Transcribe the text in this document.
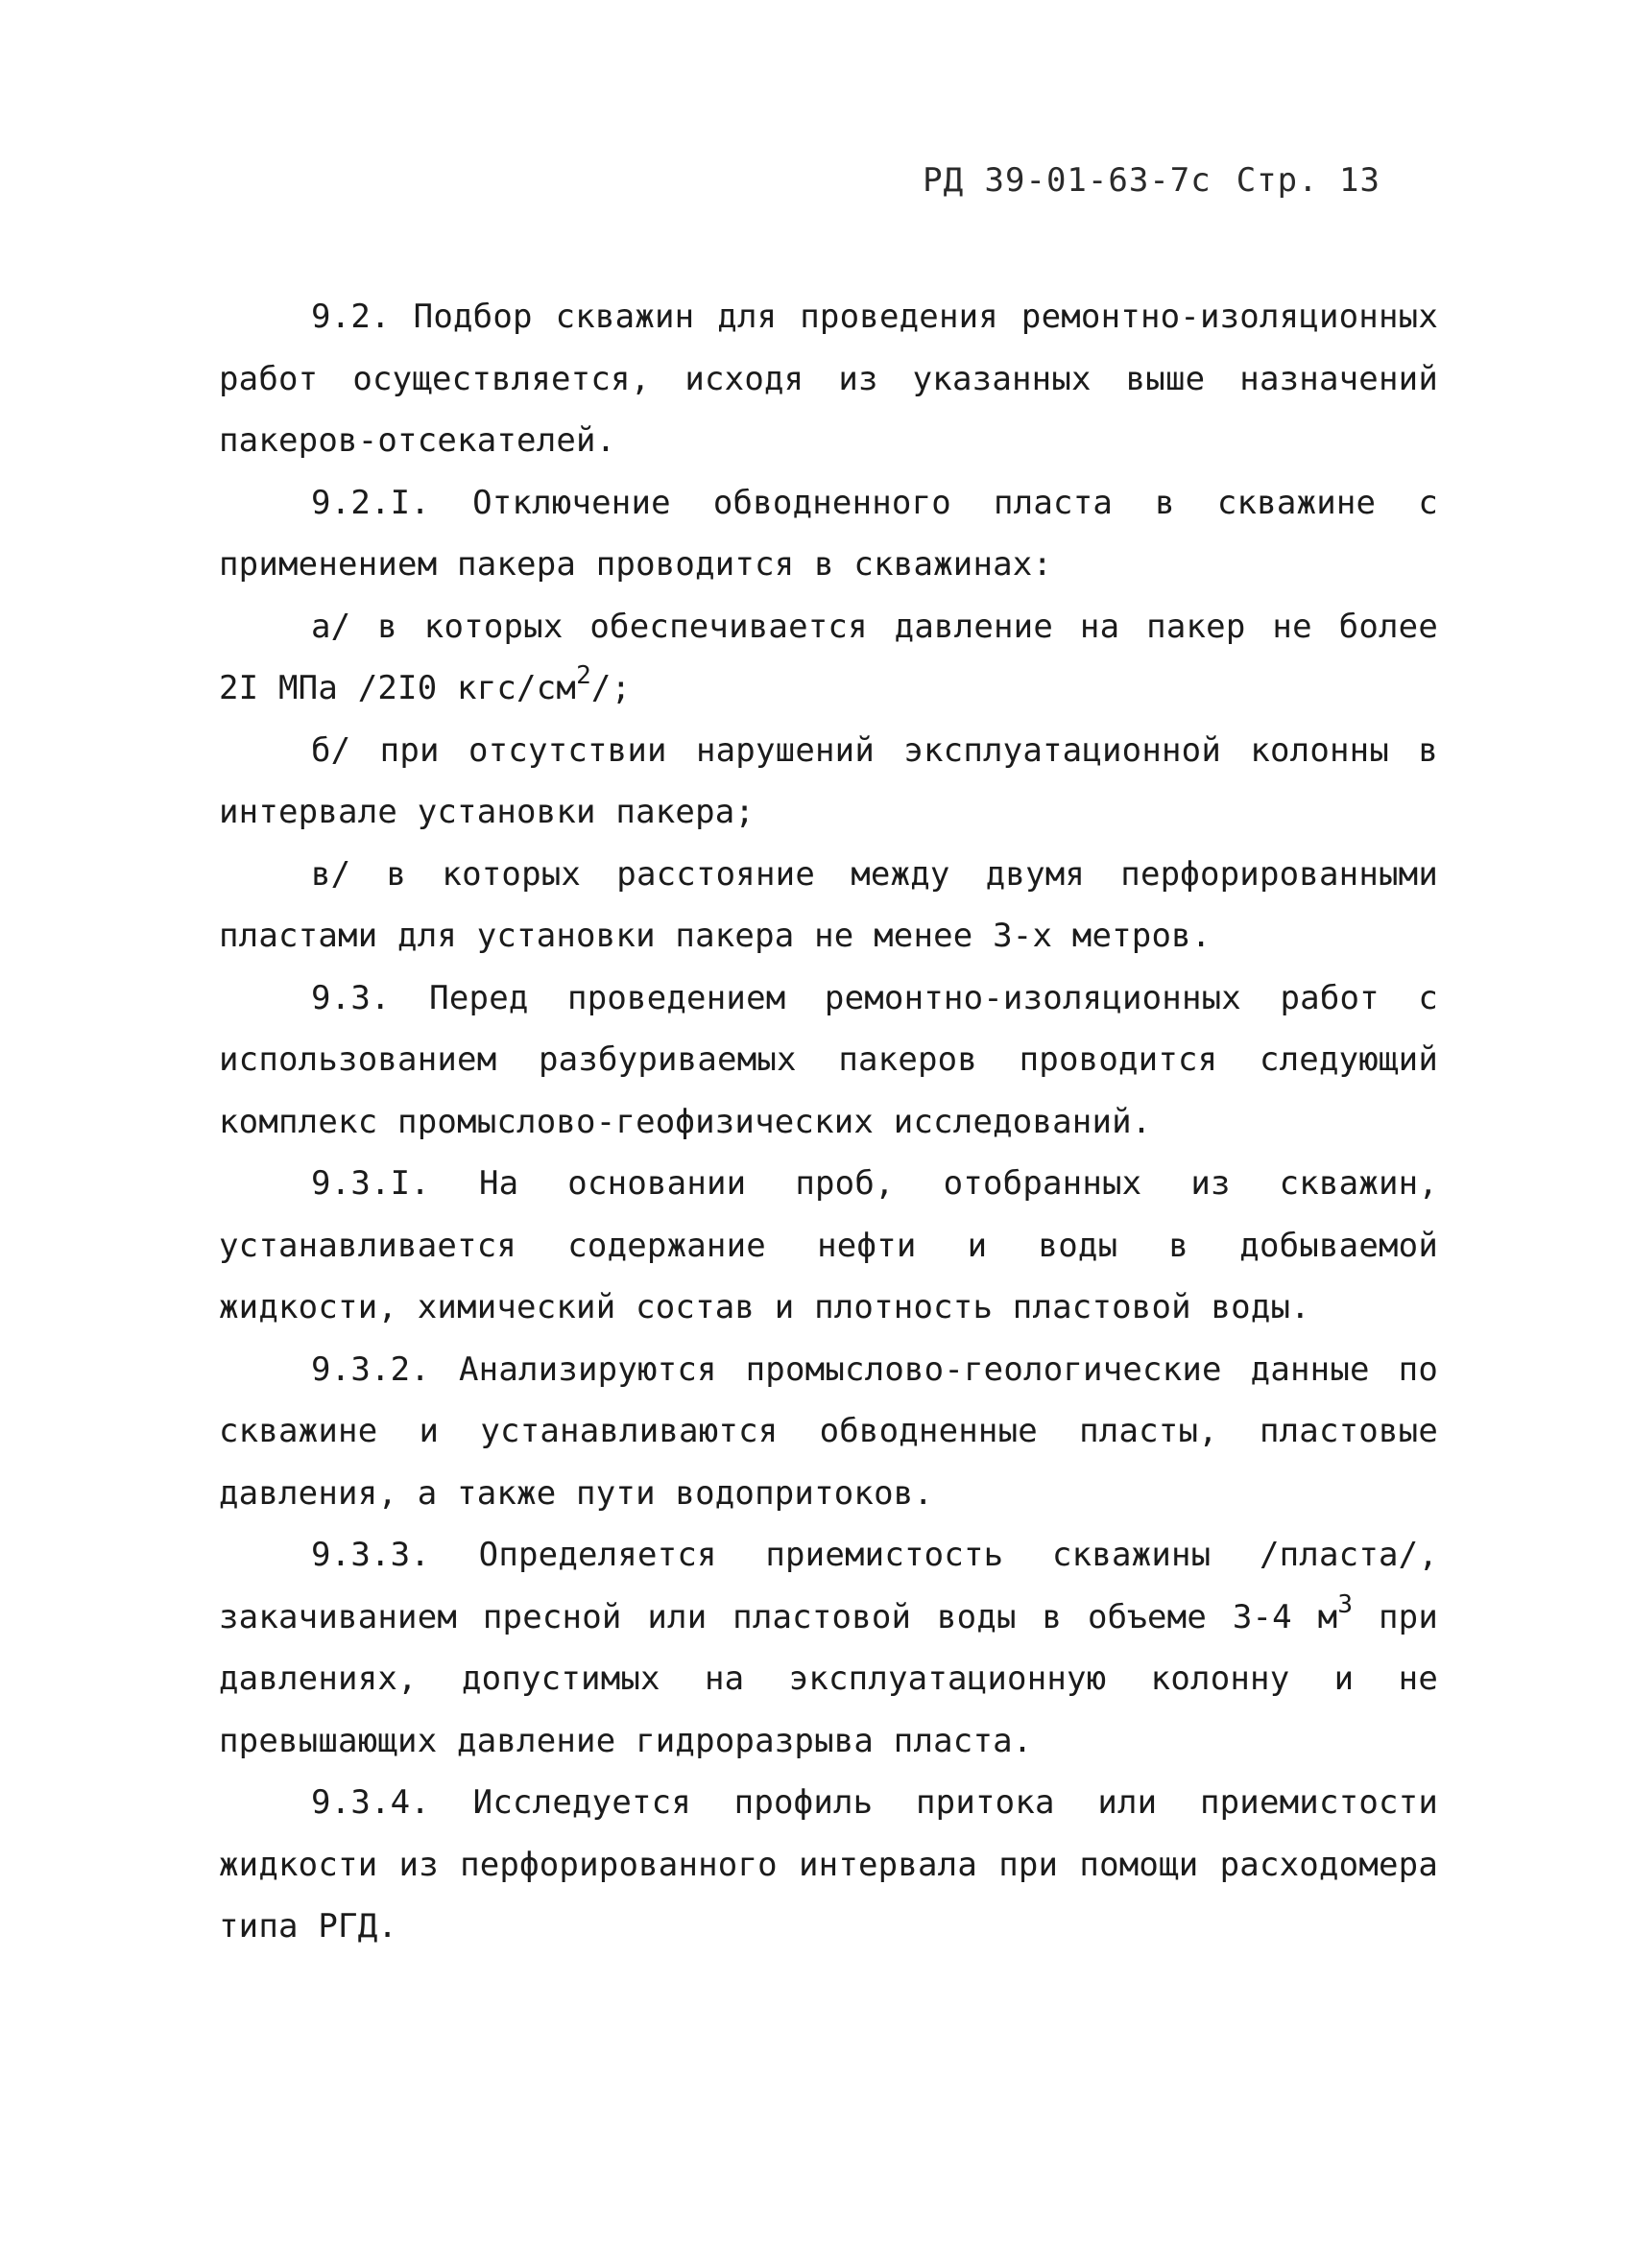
РД 39-01-63-7с Стр. 13

9.2. Подбор скважин для проведения ремонтно-изоляционных работ осуществляется, исходя из указанных выше назначений пакеров-отсекателей.

9.2.I. Отключение обводненного пласта в скважине с применением пакера проводится в скважинах:

а/ в которых обеспечивается давление на пакер не более 2I МПа /2I0 кгс/$см^2/$;

б/ при отсутствии нарушений эксплуатационной колонны в интервале установки пакера;

в/ в которых расстояние между двумя перфорированными пластами для установки пакера не менее 3-х метров.

9.3. Перед проведением ремонтно-изоляционных работ с использованием разбуриваемых пакеров проводится следующий комплекс промыслово-геофизических исследований.

9.3.I. На основании проб, отобранных из скважин, устанавливается содержание нефти и воды в добываемой жидкости, химический состав и плотность пластовой воды.

9.3.2. Анализируются промыслово-геологические данные по скважине и устанавливаются обводненные пласты, пластовые давления, а также пути водопритоков.

9.3.3. Определяется приемистость скважины /пласта/, закачиванием пресной или пластовой воды в объеме 3-4 $м^3$ при давлениях, допустимых на эксплуатационную колонну и не превышающих давление гидроразрыва пласта.

9.3.4. Исследуется профиль притока или приемистости жидкости из перфорированного интервала при помощи расходомера типа РГД.
